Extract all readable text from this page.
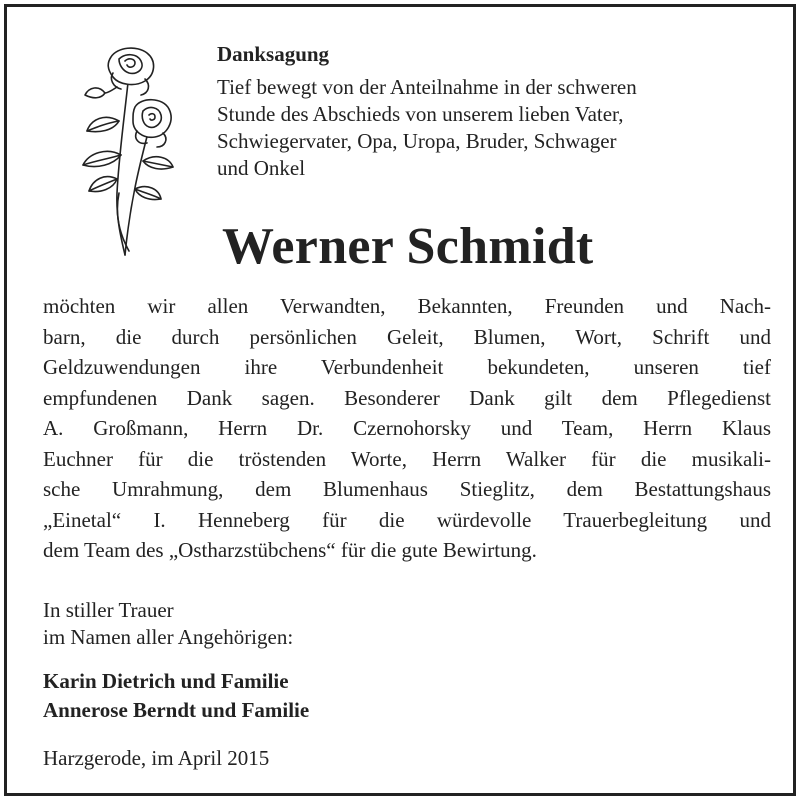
Danksagung
Tief bewegt von der Anteilnahme in der schweren
Stunde des Abschieds von unserem lieben Vater,
Schwiegervater, Opa, Uropa, Bruder, Schwager
und Onkel
Werner Schmidt
möchten wir allen Verwandten, Bekannten, Freunden und Nach-
barn, die durch persönlichen Geleit, Blumen, Wort, Schrift und
Geldzuwendungen ihre Verbundenheit bekundeten, unseren tief
empfundenen Dank sagen. Besonderer Dank gilt dem Pflegedienst
A. Großmann, Herrn Dr. Czernohorsky und Team, Herrn Klaus
Euchner für die tröstenden Worte, Herrn Walker für die musikali-
sche Umrahmung, dem Blumenhaus Stieglitz, dem Bestattungshaus
„Einetal“ I. Henneberg für die würdevolle Trauerbegleitung und
dem Team des „Ostharzstübchens“ für die gute Bewirtung.
In stiller Trauer
im Namen aller Angehörigen:
Karin Dietrich und Familie
Annerose Berndt und Familie
Harzgerode, im April 2015
